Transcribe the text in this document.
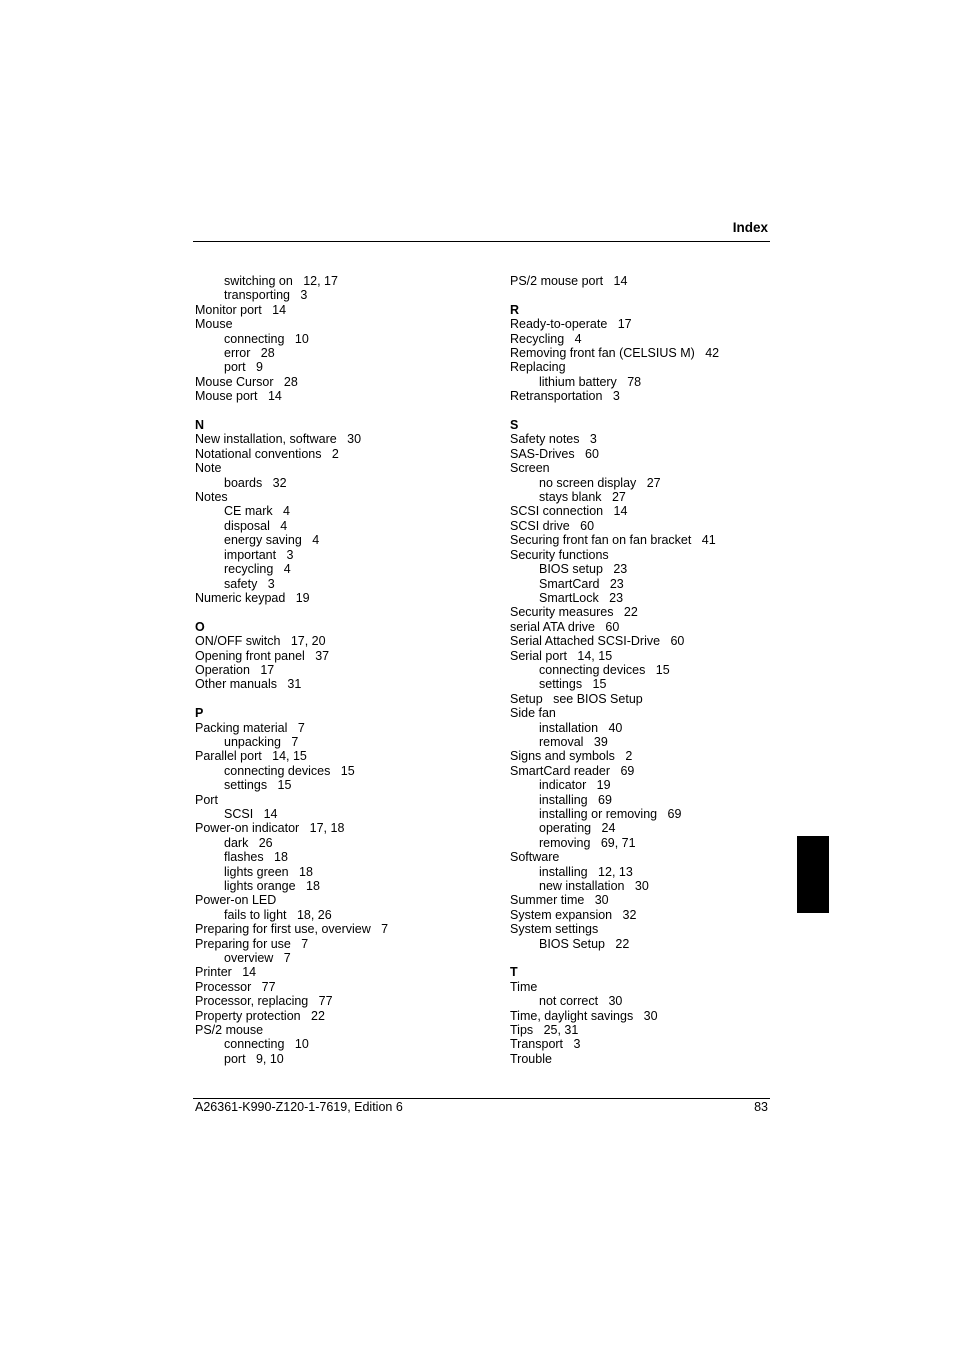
Index
switching on   12, 17
transporting   3
Monitor port   14
Mouse
connecting   10
error   28
port   9
Mouse Cursor   28
Mouse port   14
N
New installation, software   30
Notational conventions   2
Note
boards   32
Notes
CE mark   4
disposal   4
energy saving   4
important   3
recycling   4
safety   3
Numeric keypad   19
O
ON/OFF switch   17, 20
Opening front panel   37
Operation   17
Other manuals   31
P
Packing material   7
unpacking   7
Parallel port   14, 15
connecting devices   15
settings   15
Port
SCSI   14
Power-on indicator   17, 18
dark   26
flashes   18
lights green   18
lights orange   18
Power-on LED
fails to light   18, 26
Preparing for first use, overview   7
Preparing for use   7
overview   7
Printer   14
Processor   77
Processor, replacing   77
Property protection   22
PS/2 mouse
connecting   10
port   9, 10
PS/2 mouse port   14
R
Ready-to-operate   17
Recycling   4
Removing front fan (CELSIUS M)   42
Replacing
lithium battery   78
Retransportation   3
S
Safety notes   3
SAS-Drives   60
Screen
no screen display   27
stays blank   27
SCSI connection   14
SCSI drive   60
Securing front fan on fan bracket   41
Security functions
BIOS setup   23
SmartCard   23
SmartLock   23
Security measures   22
serial ATA drive   60
Serial Attached SCSI-Drive   60
Serial port   14, 15
connecting devices   15
settings   15
Setup   see BIOS Setup
Side fan
installation   40
removal   39
Signs and symbols   2
SmartCard reader   69
indicator   19
installing   69
installing or removing   69
operating   24
removing   69, 71
Software
installing   12, 13
new installation   30
Summer time   30
System expansion   32
System settings
BIOS Setup   22
T
Time
not correct   30
Time, daylight savings   30
Tips   25, 31
Transport   3
Trouble
A26361-K990-Z120-1-7619, Edition 6	83
